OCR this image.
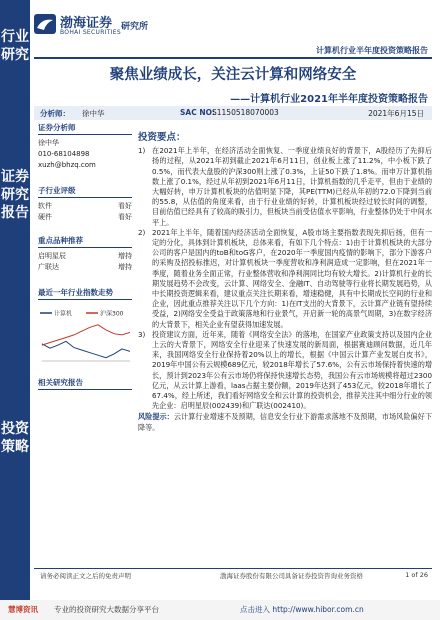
行业研究
证券研究报告
投资策略
渤海证券
BOHAI SECURITIES
研究所
计算机行业半年度投资策略报告
聚焦业绩成长，关注云计算和网络安全
——计算机行业2021年半年度投资策略报告
分析师： 徐中华	SAC NO:
S1150518070003	2021年6月15日
证券分析师
徐中华
010-68104898
xuzh@bhzq.com
子行业评级
软件	看好
硬件	看好
重点品种推荐
启明星辰	增持
广联达	增持
最近一年行业指数走势
计算机	沪深300
相关研究报告
投资要点：
1) 在2021年上半年，在经济活动全面恢复、一季度业绩良好的背景下，A股经历了先抑后扬的过程，从2021年初到截止2021年6月11日，创业板上涨了11.2%，中小板下跌了0.5%，而代表大盘股的沪深300则上涨了0.3%，上证50下跌了1.8%。而申万计算机指数上涨了0.1%，经过从年初到2021年6月11日，计算机指数的几乎走平，但由于业绩的大幅好转，申万计算机板块的估值明显下降，其PE(TTM)已经从年初的72.0下降到当前的55.8，从估值的角度来看，由于行业业绩的好转，计算机板块经过较长时间的调整，目前估值已经具有了较高的吸引力，但板块当前受估值水平影响，行业整体仍处于中间水平上。
2) 2021年上半年，随着国内经济活动全面恢复，A股市场主要指数表现先抑后扬，但有一定的分化，具体到计算机板块，总体来看，有如下几个特点：1)由于计算机板块的大部分公司的客户是国内的toB和toG客户，在2020年一季度国内疫情的影响下，部分下游客户的采购及招投标推迟，对计算机板块一季度营收和净利润造成一定影响，但在2021年一季度，随着业务全面正常，行业整体营收和净利润同比均有较大增长。2)计算机行业的长期发展趋势不会改变，云计算、网络安全、金融IT、自动驾驶等行业将长期发展趋势，从中长期投资逻辑来看，建议重点关注长期来看，增速稳健，具有中长期成长空间的行业和企业，因此重点推荐关注以下几个方向：1)在IT支出的大背景下，云计算产业链有望持续受益，2)网络安全受益于政策落地和行业景气，开启新一轮的高景气周期，3)在数字经济的大背景下，相关企业有望获得加速发展。
3) 投资建议方面，近年来，随着《网络安全法》的落地，在国家产业政策支持以及国内企业上云的大背景下，网络安全行业迎来了快速发展的新局面，根据赛迪顾问数据，近几年来，我国网络安全行业保持着20%以上的增长，根据《中国云计算产业发展白皮书》，2019年中国公有云规模689亿元，较2018年增长了57.6%，公有云市场保持着快速的增长，预计到2023年公有云市场仍将保持快速增长态势，我国公有云市场规模将超过2300亿元，从云计算上游看，laas占据主要份额，2019年达到了453亿元，较2018年增长了67.4%，经上所述，我们看好网络安全和云计算的投资机会，推荐关注其中细分行业的领先企业：启明星辰(002439)和广联达(002410)。
风险提示：云计算行业增速不及预期，信息安全行业下游需求落地不及预期，市场风险偏好下降等。
请务必阅读正文之后的免责声明	渤海证券股份有限公司具备证券投资咨询业务资格	1 of 26
慧博资讯 专业的投资研究大数据分享平台	点击进入 http://www.hibor.com.cn
